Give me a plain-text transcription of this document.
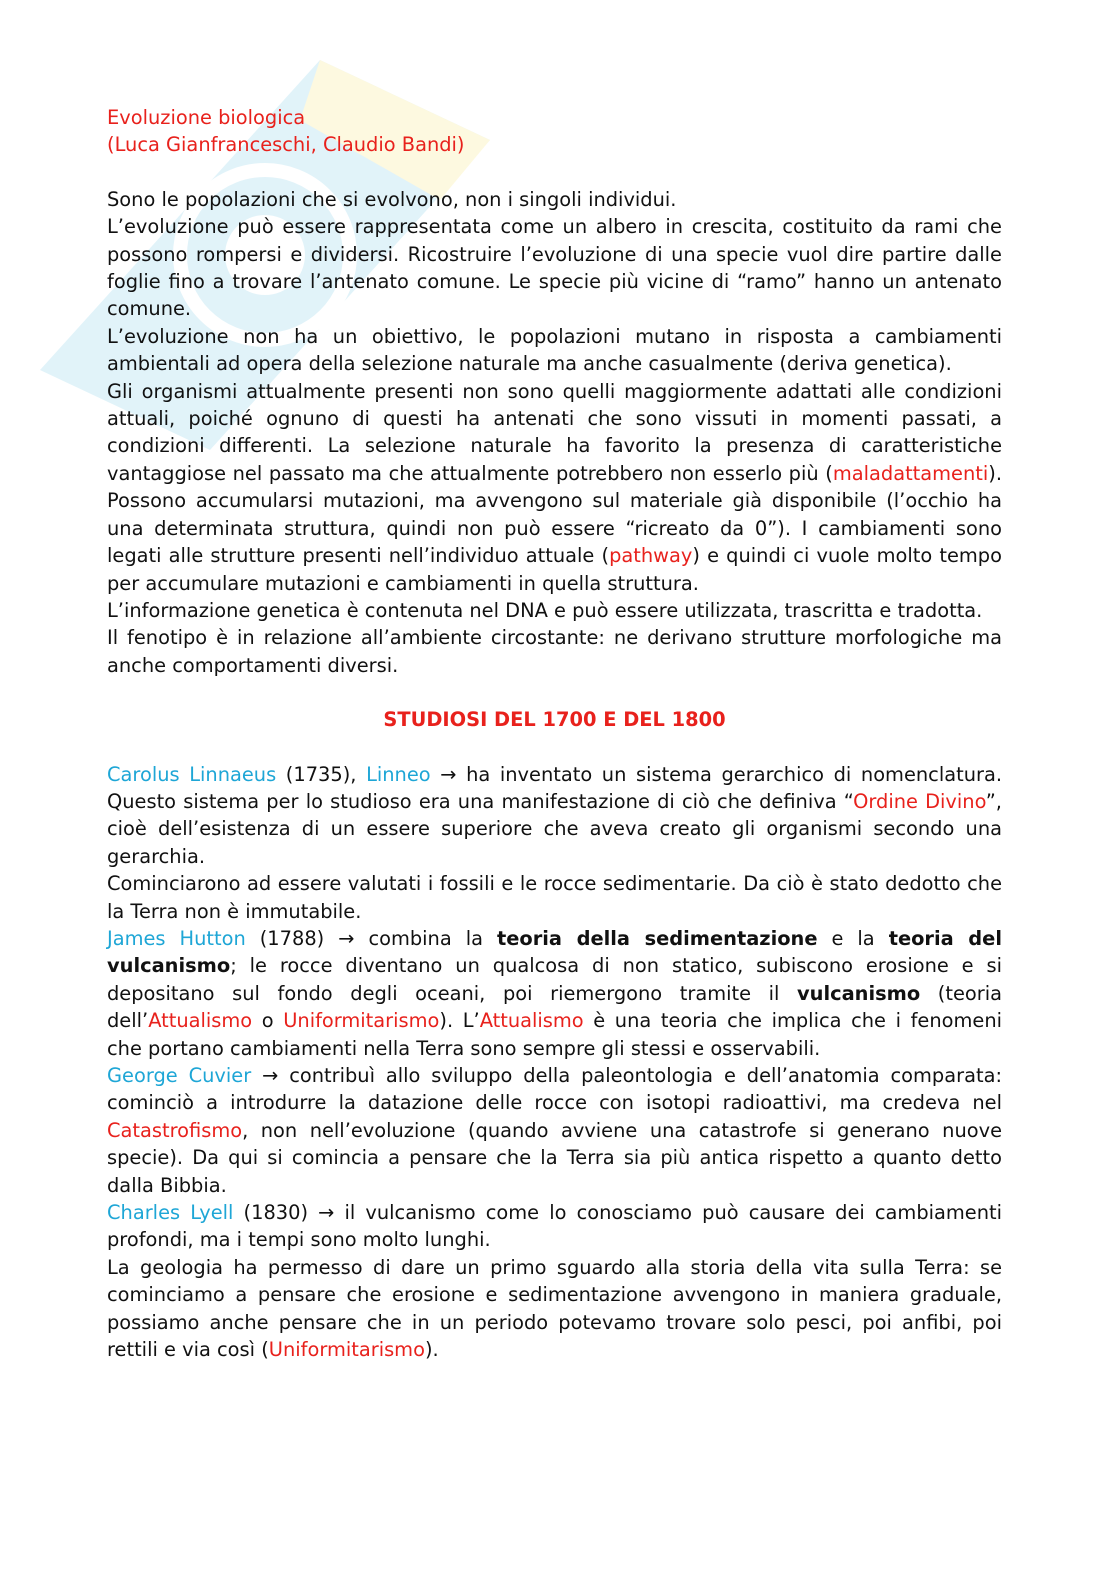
Evoluzione biologica

(Luca Gianfranceschi, Claudio Bandi)

Sono le popolazioni che si evolvono, non i singoli individui.

L’evoluzione può essere rappresentata come un albero in crescita, costituito da rami che possono rompersi e dividersi. Ricostruire l’evoluzione di una specie vuol dire partire dalle foglie fino a trovare l’antenato comune. Le specie più vicine di “ramo” hanno un antenato comune.

L’evoluzione non ha un obiettivo, le popolazioni mutano in risposta a cambiamenti ambientali ad opera della selezione naturale ma anche casualmente (deriva genetica).

Gli organismi attualmente presenti non sono quelli maggiormente adattati alle condizioni attuali, poiché ognuno di questi ha antenati che sono vissuti in momenti passati, a condizioni differenti. La selezione naturale ha favorito la presenza di caratteristiche vantaggiose nel passato ma che attualmente potrebbero non esserlo più (maladattamenti). Possono accumularsi mutazioni, ma avvengono sul materiale già disponibile (l’occhio ha una determinata struttura, quindi non può essere “ricreato da 0”). I cambiamenti sono legati alle strutture presenti nell’individuo attuale (pathway) e quindi ci vuole molto tempo per accumulare mutazioni e cambiamenti in quella struttura.

L’informazione genetica è contenuta nel DNA e può essere utilizzata, trascritta e tradotta.

Il fenotipo è in relazione all’ambiente circostante: ne derivano strutture morfologiche ma anche comportamenti diversi.

STUDIOSI DEL 1700 E DEL 1800

Carolus Linnaeus (1735), Linneo → ha inventato un sistema gerarchico di nomenclatura. Questo sistema per lo studioso era una manifestazione di ciò che definiva “Ordine Divino”, cioè dell’esistenza di un essere superiore che aveva creato gli organismi secondo una gerarchia.

Cominciarono ad essere valutati i fossili e le rocce sedimentarie. Da ciò è stato dedotto che la Terra non è immutabile.

James Hutton (1788) → combina la teoria della sedimentazione e la teoria del vulcanismo; le rocce diventano un qualcosa di non statico, subiscono erosione e si depositano sul fondo degli oceani, poi riemergono tramite il vulcanismo (teoria dell’Attualismo o Uniformitarismo). L’Attualismo è una teoria che implica che i fenomeni che portano cambiamenti nella Terra sono sempre gli stessi e osservabili.

George Cuvier → contribuì allo sviluppo della paleontologia e dell’anatomia comparata: cominciò a introdurre la datazione delle rocce con isotopi radioattivi, ma credeva nel Catastrofismo, non nell’evoluzione (quando avviene una catastrofe si generano nuove specie). Da qui si comincia a pensare che la Terra sia più antica rispetto a quanto detto dalla Bibbia.

Charles Lyell (1830) → il vulcanismo come lo conosciamo può causare dei cambiamenti profondi, ma i tempi sono molto lunghi.

La geologia ha permesso di dare un primo sguardo alla storia della vita sulla Terra: se cominciamo a pensare che erosione e sedimentazione avvengono in maniera graduale, possiamo anche pensare che in un periodo potevamo trovare solo pesci, poi anfibi, poi rettili e via così (Uniformitarismo).
